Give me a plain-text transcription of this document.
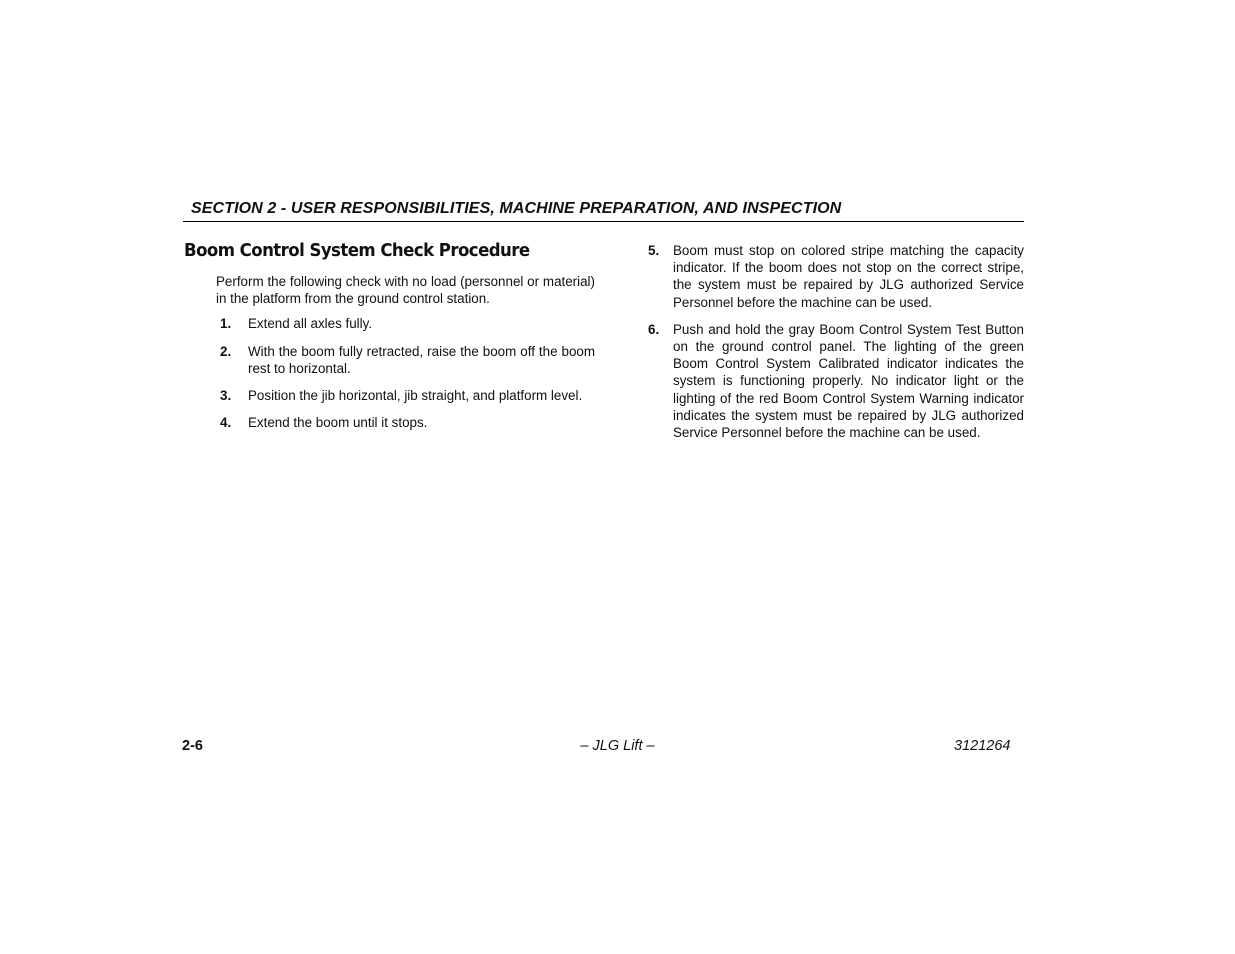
SECTION 2 - USER RESPONSIBILITIES, MACHINE PREPARATION, AND INSPECTION
Boom Control System Check Procedure

Perform the following check with no load (personnel or material) in the platform from the ground control station.

1.	Extend all axles fully.
2.	With the boom fully retracted, raise the boom off the boom rest to horizontal.
3.	Position the jib horizontal, jib straight, and platform level.
4.	Extend the boom until it stops.
5.	Boom must stop on colored stripe matching the capacity indicator. If the boom does not stop on the correct stripe, the system must be repaired by JLG authorized Service Personnel before the machine can be used.
6.	Push and hold the gray Boom Control System Test Button on the ground control panel. The lighting of the green Boom Control System Calibrated indicator indicates the system is functioning properly. No indicator light or the lighting of the red Boom Control System Warning indicator indicates the system must be repaired by JLG authorized Service Personnel before the machine can be used.
2-6	– JLG Lift –	3121264
